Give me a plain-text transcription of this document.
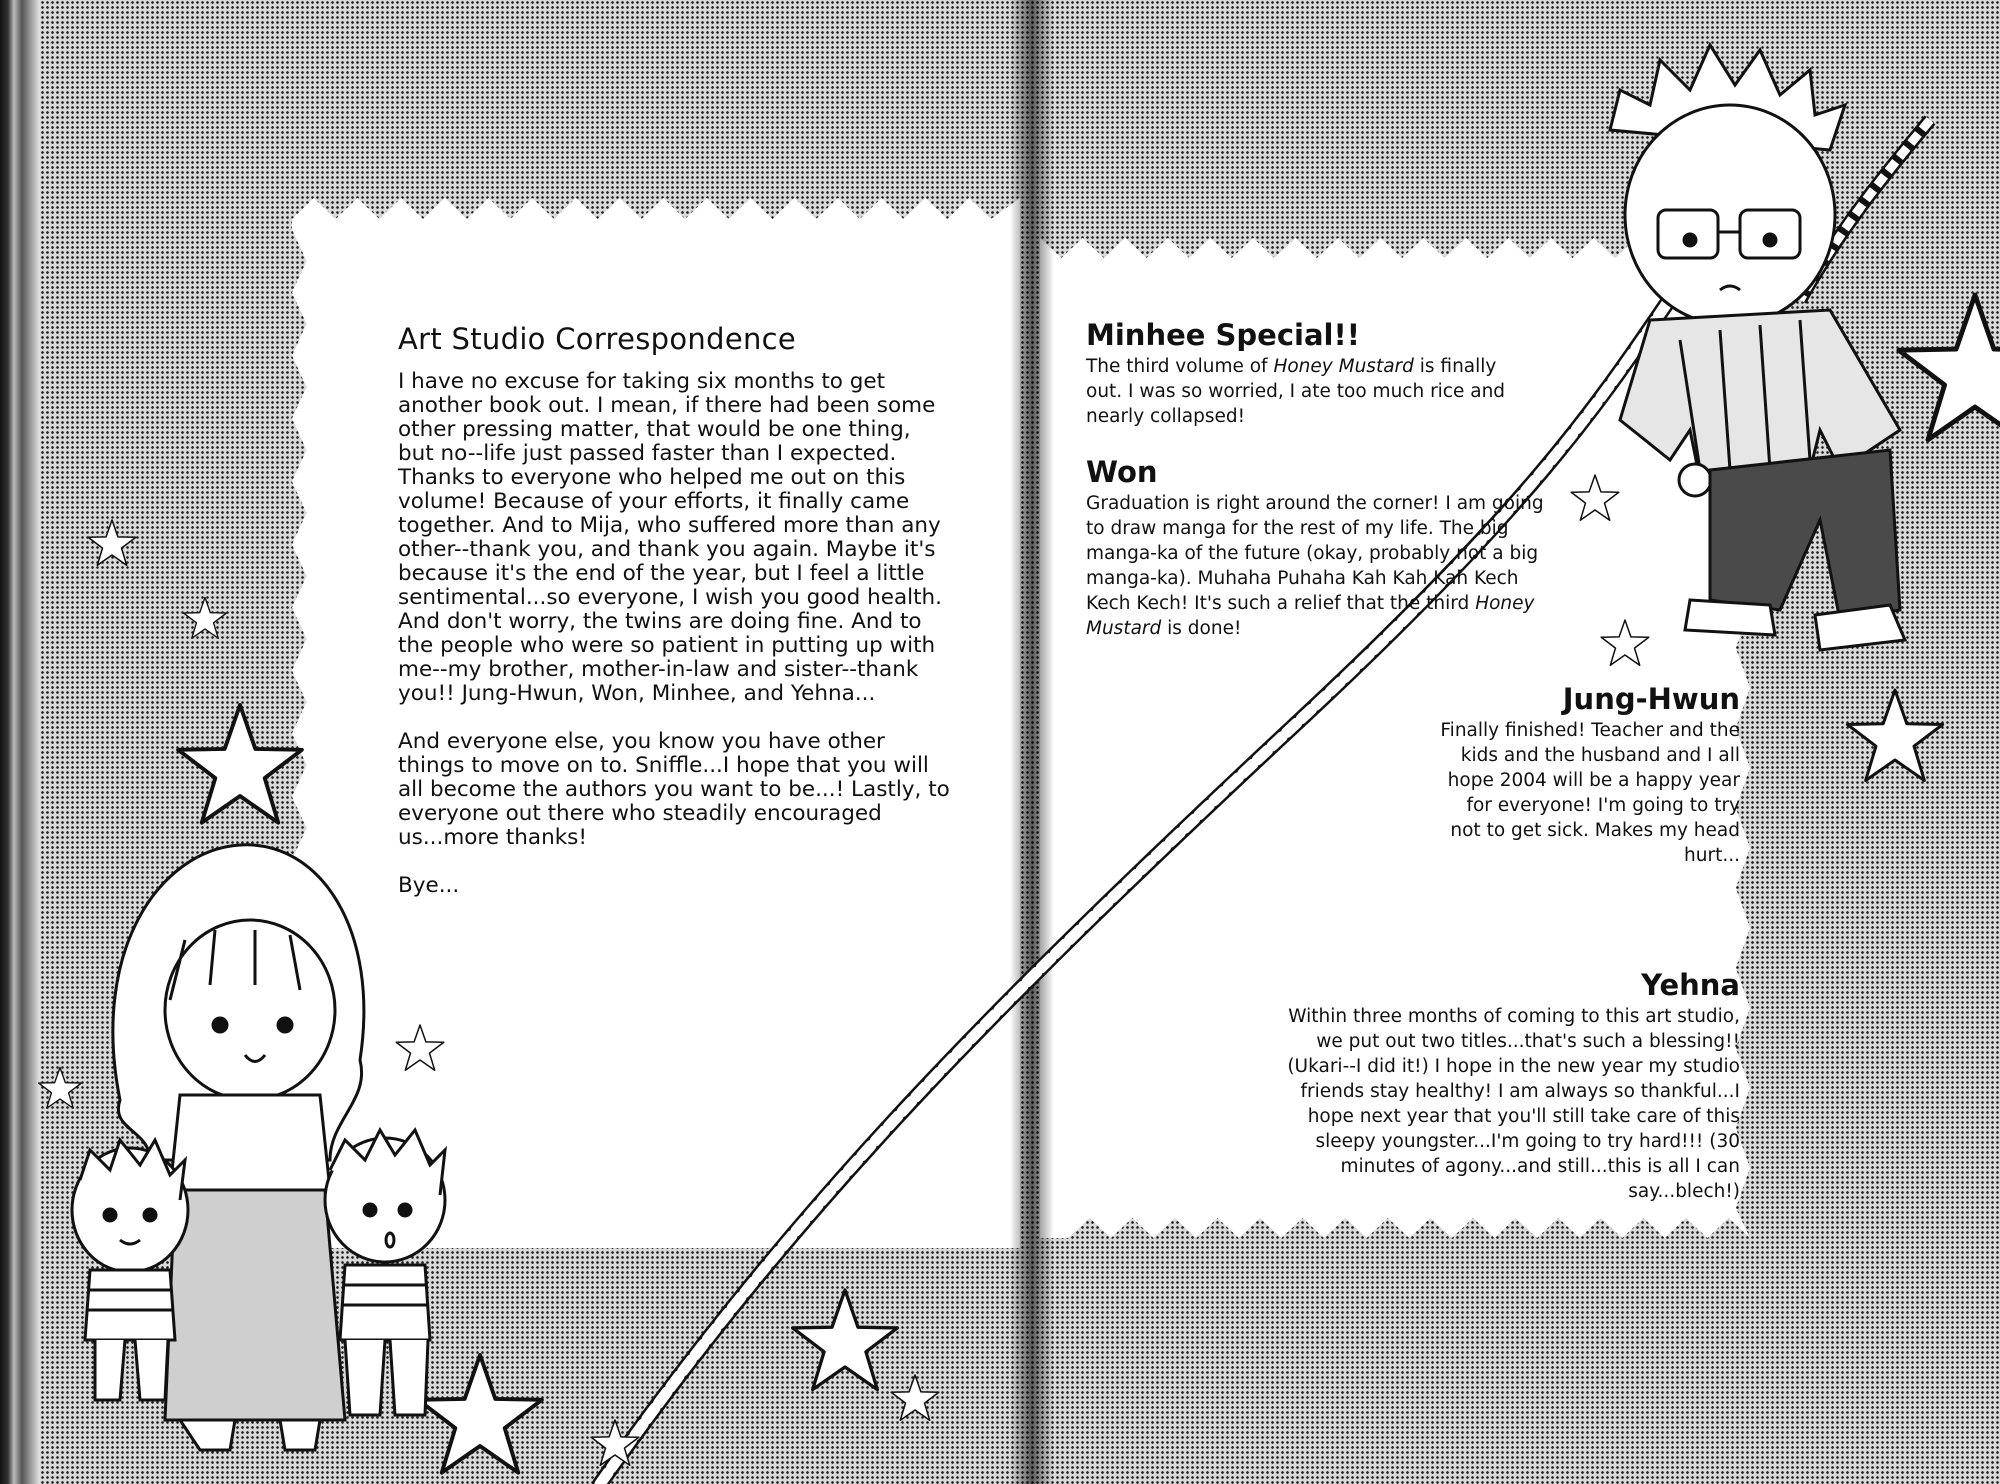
Art Studio Correspondence

I have no excuse for taking six months to get another book out. I mean, if there had been some other pressing matter, that would be one thing, but no--life just passed faster than I expected. Thanks to everyone who helped me out on this volume! Because of your efforts, it finally came together. And to Mija, who suffered more than any other--thank you, and thank you again. Maybe it's because it's the end of the year, but I feel a little sentimental...so everyone, I wish you good health. And don't worry, the twins are doing fine. And to the people who were so patient in putting up with me--my brother, mother-in-law and sister--thank you!! Jung-Hwun, Won, Minhee, and Yehna...

And everyone else, you know you have other things to move on to. Sniffle...I hope that you will all become the authors you want to be...! Lastly, to everyone out there who steadily encouraged us...more thanks!

Bye...

Minhee Special!!

The third volume of Honey Mustard is finally out. I was so worried, I ate too much rice and nearly collapsed!

Won

Graduation is right around the corner! I am going to draw manga for the rest of my life. The big manga-ka of the future (okay, probably not a big manga-ka). Muhaha Puhaha Kah Kah Kah Kech Kech Kech! It's such a relief that the third Honey Mustard is done!

Jung-Hwun

Finally finished! Teacher and the kids and the husband and I all hope 2004 will be a happy year for everyone! I'm going to try not to get sick. Makes my head hurt...

Yehna

Within three months of coming to this art studio, we put out two titles...that's such a blessing!! (Ukari--I did it!) I hope in the new year my studio friends stay healthy! I am always so thankful...I hope next year that you'll still take care of this sleepy youngster...I'm going to try hard!!! (30 minutes of agony...and still...this is all I can say...blech!)
